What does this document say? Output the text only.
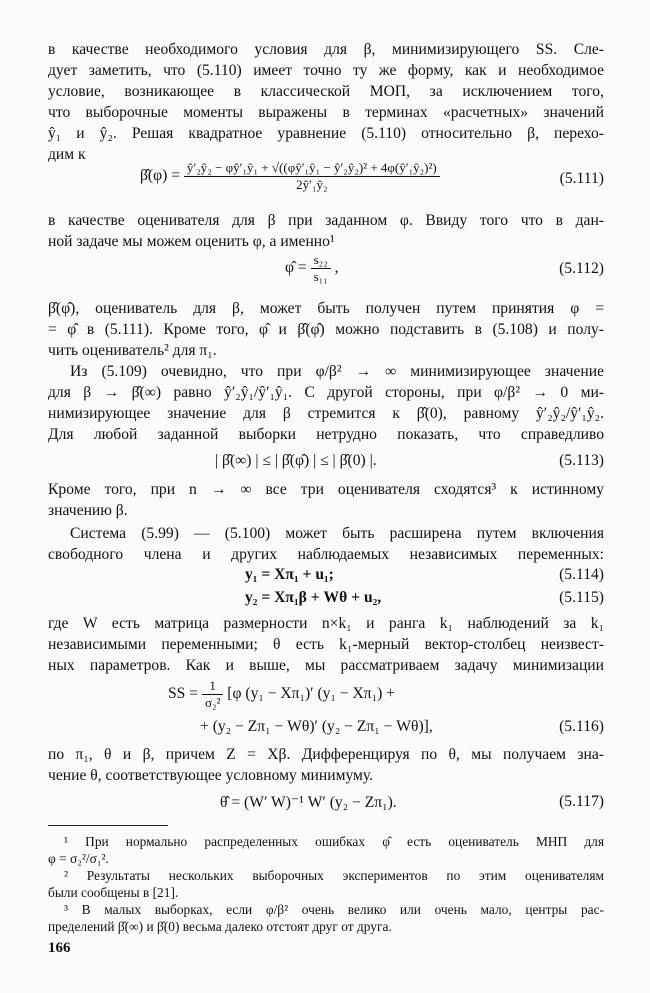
в качестве необходимого условия для β, минимизирующего SS. Сле-
дует заметить, что (5.110) имеет точно ту же форму, как и необходимое
условие, возникающее в классической МОП, за исключением того,
что выборочные моменты выражены в терминах «расчетных» значений
ŷ₁ и ŷ₂. Решая квадратное уравнение (5.110) относительно β, перехо-
дим к
β̂(φ) = $\frac{\text{ŷ′₂ŷ₂ − φŷ′₁ŷ₁ + √((φŷ′₁ŷ₁ − ŷ′₂ŷ₂)² + 4φ(ŷ′₁ŷ₂)²)}}{\text{2ŷ′₁ŷ₂}}$	(5.111)
в качестве оценивателя для β при заданном φ. Ввиду того что в дан-
ной задаче мы можем оценить φ, а именно¹
φ̂ = $\frac{\text{s₂₂}}{\text{s₁₁}}$ ,	(5.112)
β̂(φ̂), оцениватель для β, может быть получен путем принятия φ =
= φ̂ в (5.111). Кроме того, φ̂ и β̂(φ̂) можно подставить в (5.108) и полу-
чить оцениватель² для π₁.
Из (5.109) очевидно, что при φ/β² → ∞ минимизирующее значение
для β → β̂(∞) равно ŷ′₂ŷ₁/ŷ′₁ŷ₁. С другой стороны, при φ/β² → 0 ми-
нимизирующее значение для β стремится к β̂(0), равному ŷ′₂ŷ₂/ŷ′₁ŷ₂.
Для любой заданной выборки нетрудно показать, что справедливо
| β̂(∞) | ≤ | β̂(φ̂) | ≤ | β̂(0) |.	(5.113)
Кроме того, при n → ∞ все три оценивателя сходятся³ к истинному
значению β.
Система (5.99) — (5.100) может быть расширена путем включения
свободного члена и других наблюдаемых независимых переменных:
y₁ = Xπ₁ + u₁;	(5.114)
y₂ = Xπ₁β + Wθ + u₂,	(5.115)
где W есть матрица размерности n×k₁ и ранга k₁ наблюдений за k₁
независимыми переменными; θ есть k₁-мерный вектор-столбец неизвест-
ных параметров. Как и выше, мы рассматриваем задачу минимизации
SS = $\frac{1}{\text{σ₂²}} [\varphi$ (y₁ − Xπ₁)′ (y₁ − Xπ₁) +
+ (y₂ − Zπ₁ − Wθ)′ (y₂ − Zπ₁ − Wθ)],	(5.116)
по π₁, θ и β, причем Z = Xβ. Дифференцируя по θ, мы получаем зна-
чение θ, соответствующее условному минимуму.
θ̂ = (W′ W)⁻¹ W′ (y₂ − Zπ₁).	(5.117)
¹ При нормально распределенных ошибках φ̂ есть оцениватель МНП для
φ = σ₂²/σ₁².
² Результаты нескольких выборочных экспериментов по этим оценивателям
были сообщены в [21].
³ В малых выборках, если φ/β² очень велико или очень мало, центры рас-
пределений β̂(∞) и β̂(0) весьма далеко отстоят друг от друга.
166
